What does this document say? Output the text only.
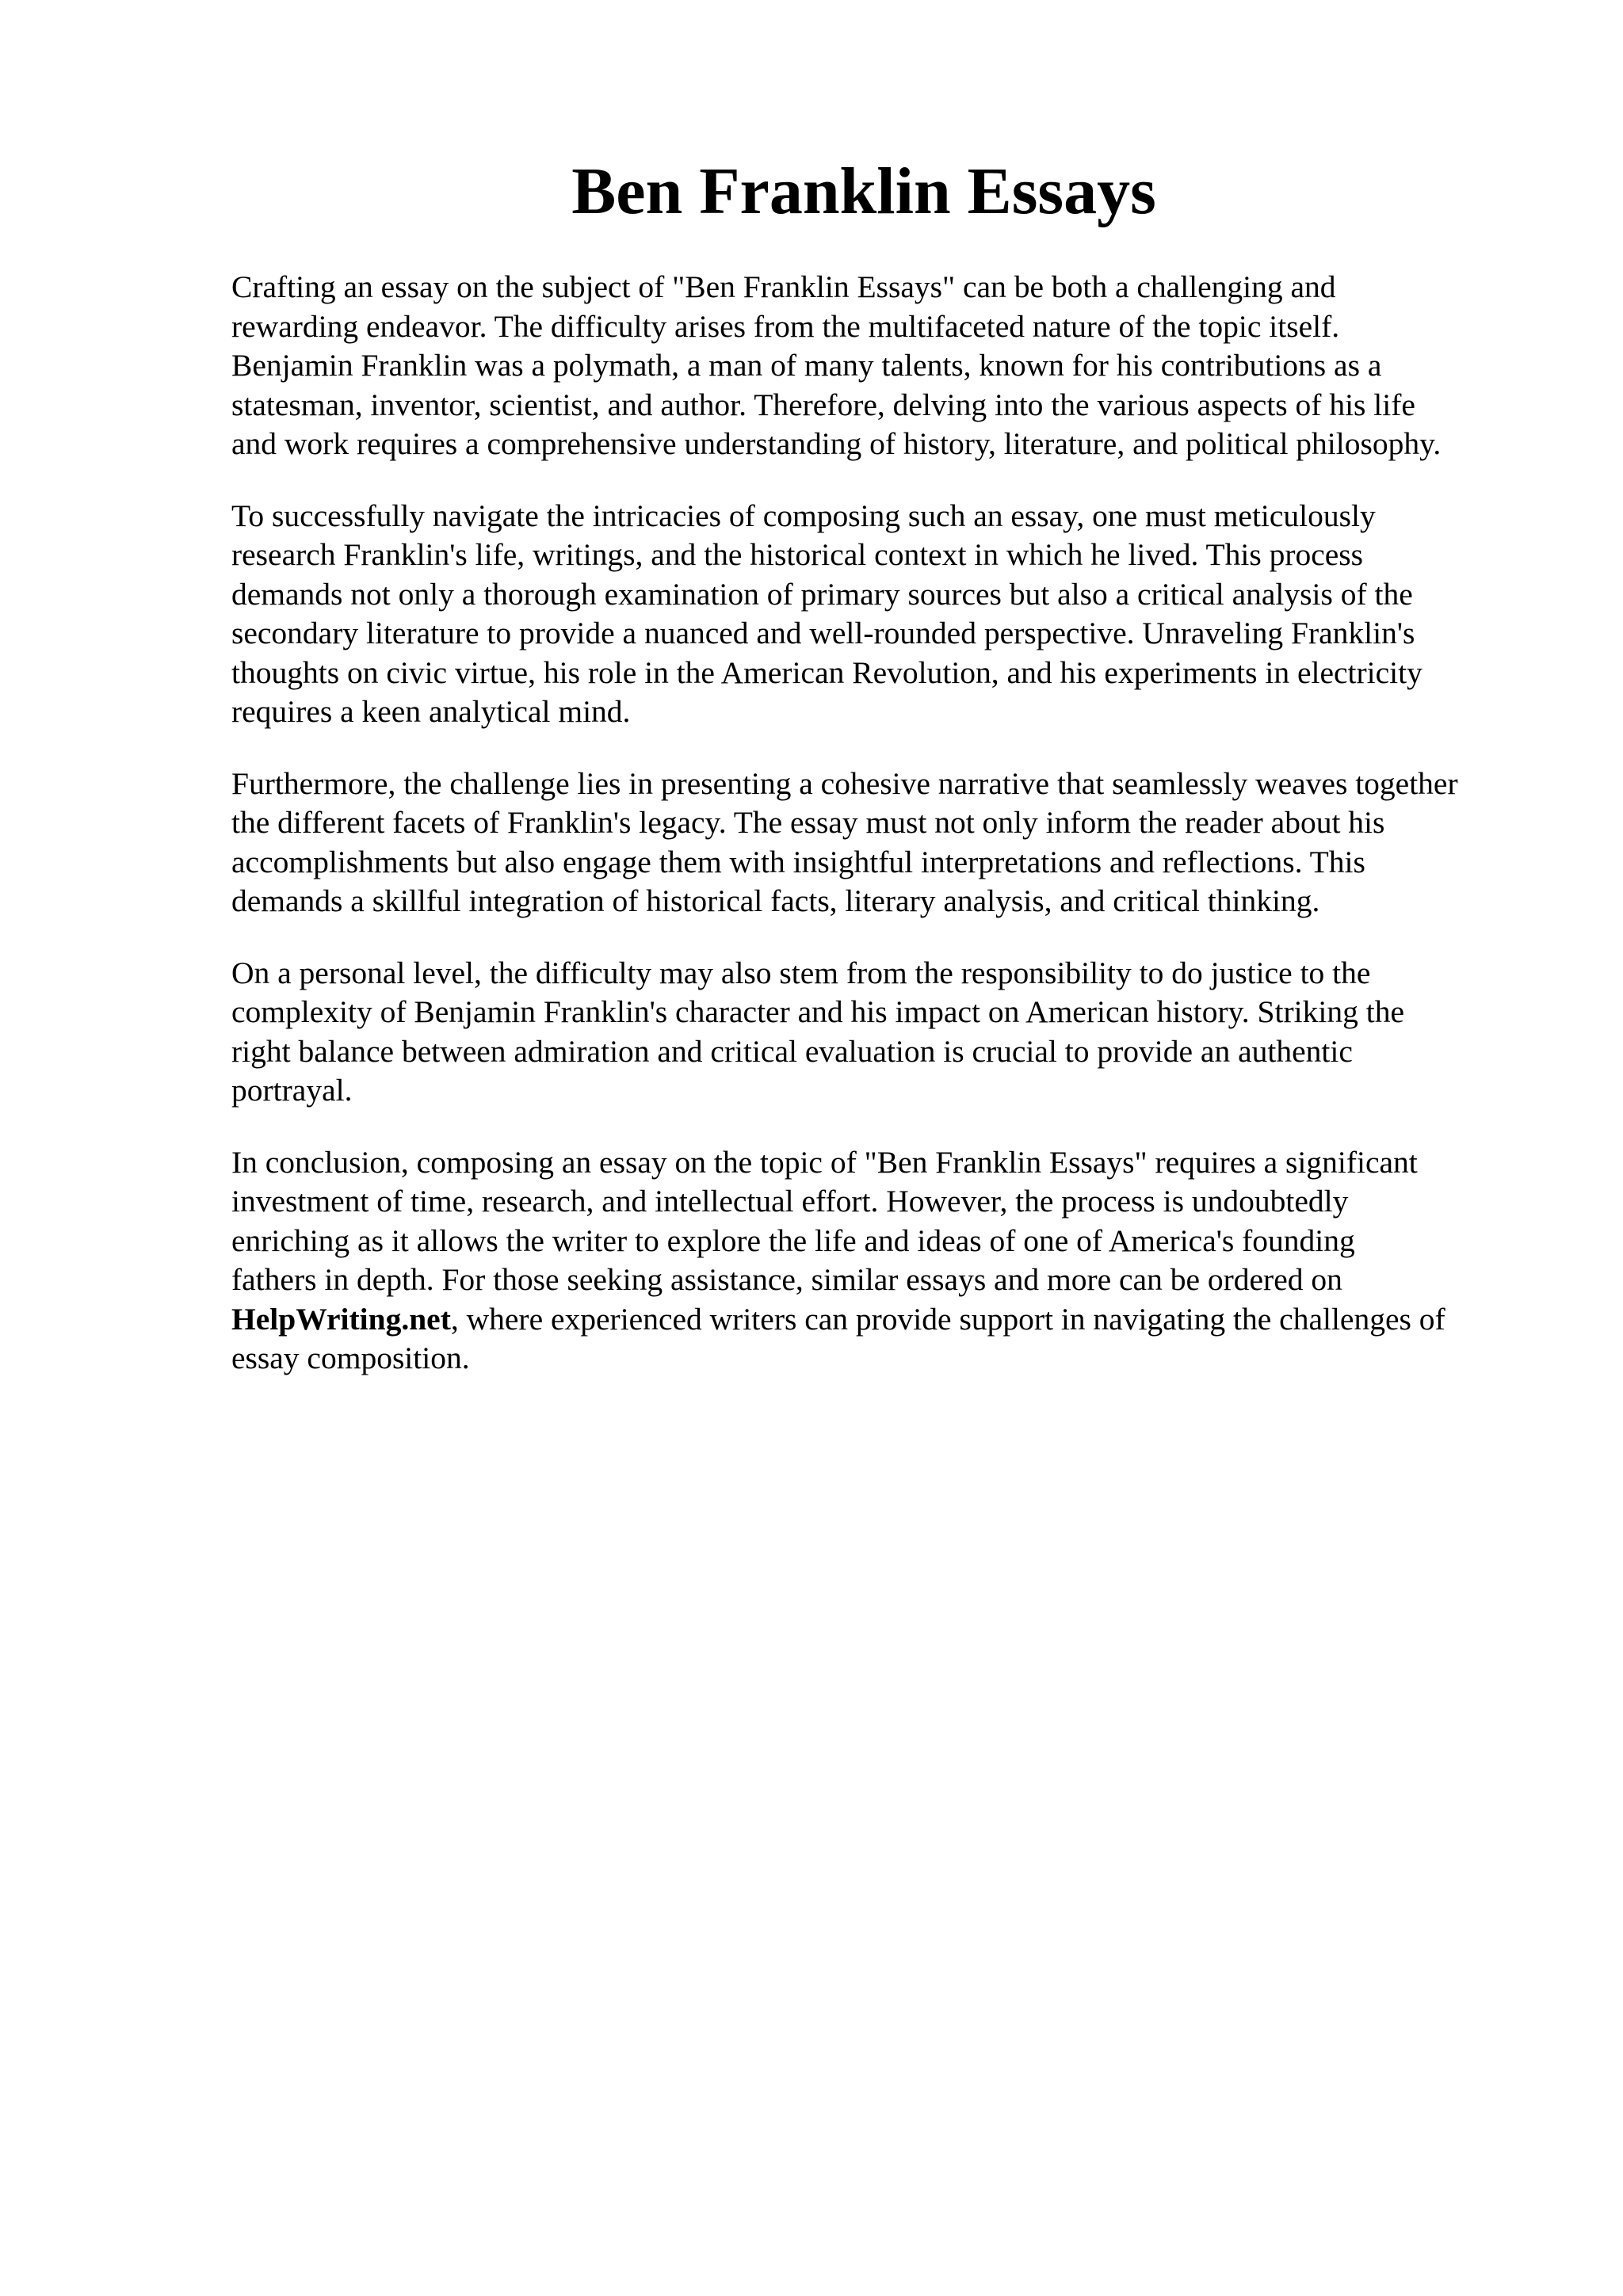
Ben Franklin Essays

Crafting an essay on the subject of "Ben Franklin Essays" can be both a challenging and
rewarding endeavor. The difficulty arises from the multifaceted nature of the topic itself.
Benjamin Franklin was a polymath, a man of many talents, known for his contributions as a
statesman, inventor, scientist, and author. Therefore, delving into the various aspects of his life
and work requires a comprehensive understanding of history, literature, and political philosophy.

To successfully navigate the intricacies of composing such an essay, one must meticulously
research Franklin's life, writings, and the historical context in which he lived. This process
demands not only a thorough examination of primary sources but also a critical analysis of the
secondary literature to provide a nuanced and well-rounded perspective. Unraveling Franklin's
thoughts on civic virtue, his role in the American Revolution, and his experiments in electricity
requires a keen analytical mind.

Furthermore, the challenge lies in presenting a cohesive narrative that seamlessly weaves together
the different facets of Franklin's legacy. The essay must not only inform the reader about his
accomplishments but also engage them with insightful interpretations and reflections. This
demands a skillful integration of historical facts, literary analysis, and critical thinking.

On a personal level, the difficulty may also stem from the responsibility to do justice to the
complexity of Benjamin Franklin's character and his impact on American history. Striking the
right balance between admiration and critical evaluation is crucial to provide an authentic
portrayal.

In conclusion, composing an essay on the topic of "Ben Franklin Essays" requires a significant
investment of time, research, and intellectual effort. However, the process is undoubtedly
enriching as it allows the writer to explore the life and ideas of one of America's founding
fathers in depth. For those seeking assistance, similar essays and more can be ordered on
HelpWriting.net, where experienced writers can provide support in navigating the challenges of
essay composition.
